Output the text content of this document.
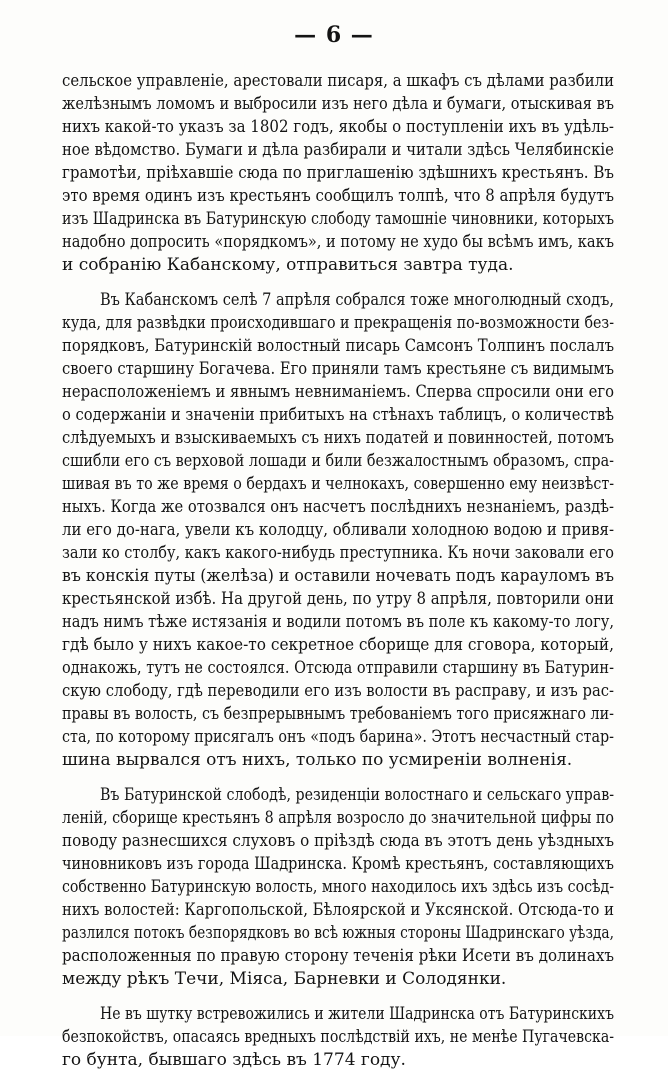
— 6 —
сельское управленіе, арестовали писаря, а шкафъ съ дѣлами разбили
желѣзнымъ ломомъ и выбросили изъ него дѣла и бумаги, отыскивая въ
нихъ какой-то указъ за 1802 годъ, якобы о поступленіи ихъ въ удѣль-
ное вѣдомство. Бумаги и дѣла разбирали и читали здѣсь Челябинскіе
грамотѣи, пріѣхавшіе сюда по приглашенію здѣшнихъ крестьянъ. Въ
это время одинъ изъ крестьянъ сообщилъ толпѣ, что 8 апрѣля будутъ
изъ Шадринска въ Батуринскую слободу тамошніе чиновники, которыхъ
надобно допросить «порядкомъ», и потому не худо бы всѣмъ имъ, какъ
и собранію Кабанскому, отправиться завтра туда.
Въ Кабанскомъ селѣ 7 апрѣля собрался тоже многолюдный сходъ,
куда, для развѣдки происходившаго и прекращенія по-возможности без-
порядковъ, Батуринскій волостный писарь Самсонъ Толпинъ послалъ
своего старшину Богачева. Его приняли тамъ крестьяне съ видимымъ
нерасположеніемъ и явнымъ невниманіемъ. Сперва спросили они его
о содержаніи и значеніи прибитыхъ на стѣнахъ таблицъ, о количествѣ
слѣдуемыхъ и взыскиваемыхъ съ нихъ податей и повинностей, потомъ
сшибли его съ верховой лошади и били безжалостнымъ образомъ, спра-
шивая въ то же время о бердахъ и челнокахъ, совершенно ему неизвѣст-
ныхъ. Когда же отозвался онъ насчетъ послѣднихъ незнаніемъ, раздѣ-
ли его до-нага, увели къ колодцу, обливали холодною водою и привя-
зали ко столбу, какъ какого-нибудь преступника. Къ ночи заковали его
въ конскія путы (желѣза) и оставили ночевать подъ карауломъ въ
крестьянской избѣ. На другой день, по утру 8 апрѣля, повторили они
надъ нимъ тѣже истязанія и водили потомъ въ поле къ какому-то логу,
гдѣ было у нихъ какое-то секретное сборище для сговора, который,
однакожь, тутъ не состоялся. Отсюда отправили старшину въ Батурин-
скую слободу, гдѣ переводили его изъ волости въ расправу, и изъ рас-
правы въ волость, съ безпрерывнымъ требованіемъ того присяжнаго ли-
ста, по которому присягалъ онъ «подъ барина». Этотъ несчастный стар-
шина вырвался отъ нихъ, только по усмиреніи волненія.
Въ Батуринской слободѣ, резиденціи волостнаго и сельскаго управ-
леній, сборище крестьянъ 8 апрѣля возросло до значительной цифры по
поводу разнесшихся слуховъ о пріѣздѣ сюда въ этотъ день уѣздныхъ
чиновниковъ изъ города Шадринска. Кромѣ крестьянъ, составляющихъ
собственно Батуринскую волость, много находилось ихъ здѣсь изъ сосѣд-
нихъ волостей: Каргопольской, Бѣлоярской и Уксянской. Отсюда-то и
разлился потокъ безпорядковъ во всѣ южныя стороны Шадринскаго уѣзда,
расположенныя по правую сторону теченія рѣки Исети въ долинахъ
между рѣкъ Течи, Міяса, Барневки и Солодянки.
Не въ шутку встревожились и жители Шадринска отъ Батуринскихъ
безпокойствъ, опасаясь вредныхъ послѣдствій ихъ, не менѣе Пугачевска-
го бунта, бывшаго здѣсь въ 1774 году.
